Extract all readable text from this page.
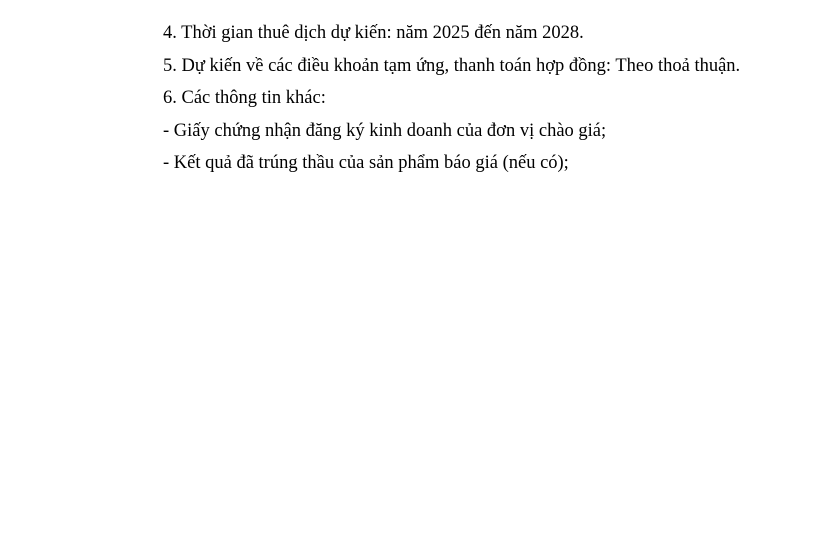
4. Thời gian thuê dịch dự kiến: năm 2025 đến năm 2028.

5. Dự kiến về các điều khoản tạm ứng, thanh toán hợp đồng: Theo thoả thuận.

6. Các thông tin khác:

- Giấy chứng nhận đăng ký kinh doanh của đơn vị chào giá;

- Kết quả đã trúng thầu của sản phẩm báo giá (nếu có);
